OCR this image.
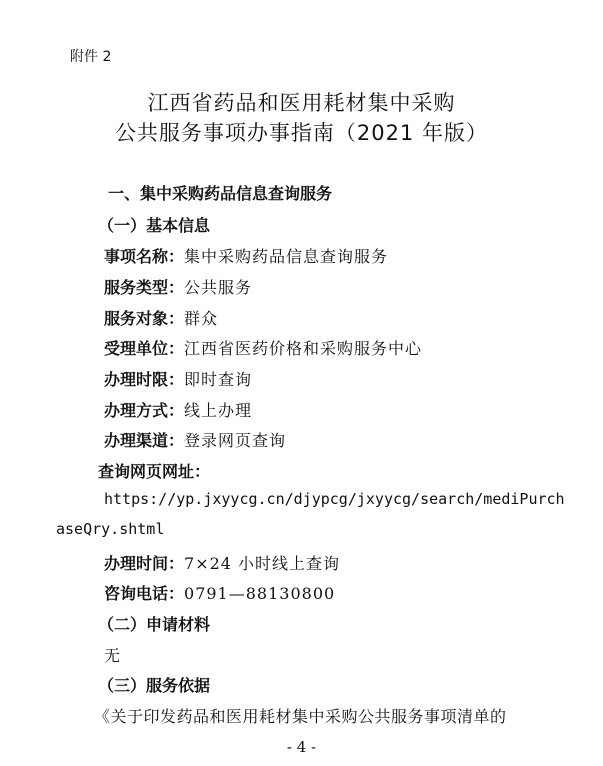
附件 2
江西省药品和医用耗材集中采购
公共服务事项办事指南（2021 年版）
一、集中采购药品信息查询服务
（一）基本信息
事项名称：集中采购药品信息查询服务
服务类型：公共服务
服务对象：群众
受理单位：江西省医药价格和采购服务中心
办理时限：即时查询
办理方式：线上办理
办理渠道：登录网页查询
查询网页网址：
https://yp.jxyycg.cn/djypcg/jxyycg/search/mediPurch
aseQry.shtml
办理时间：7×24 小时线上查询
咨询电话：0791—88130800
（二）申请材料
无
（三）服务依据
《关于印发药品和医用耗材集中采购公共服务事项清单的
- 4 -
